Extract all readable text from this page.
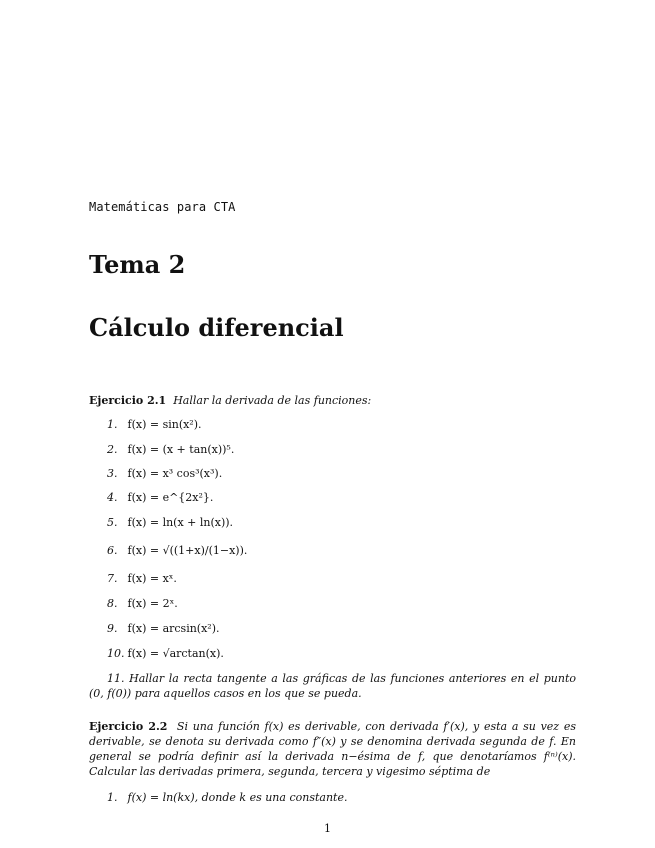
Matemáticas para CTA
Tema 2
Cálculo diferencial
Ejercicio 2.1 Hallar la derivada de las funciones:
1. f(x) = sin(x²).
2. f(x) = (x + tan(x))⁵.
3. f(x) = x³ cos³(x³).
4. f(x) = e^{2x²}.
5. f(x) = ln(x + ln(x)).
6. f(x) = √((1+x)/(1−x)).
7. f(x) = xˣ.
8. f(x) = 2ˣ.
9. f(x) = arcsin(x²).
10. f(x) = √arctan(x).
11. Hallar la recta tangente a las gráficas de las funciones anteriores en el punto (0, f(0)) para aquellos casos en los que se pueda.
Ejercicio 2.2 Si una función f(x) es derivable, con derivada f′(x), y esta a su vez es derivable, se denota su derivada como f″(x) y se denomina derivada segunda de f. En general se podría definir así la derivada n−ésima de f, que denotaríamos f⁽ⁿ⁾(x). Calcular las derivadas primera, segunda, tercera y vigesimo séptima de
1. f(x) = ln(kx), donde k es una constante.
1
